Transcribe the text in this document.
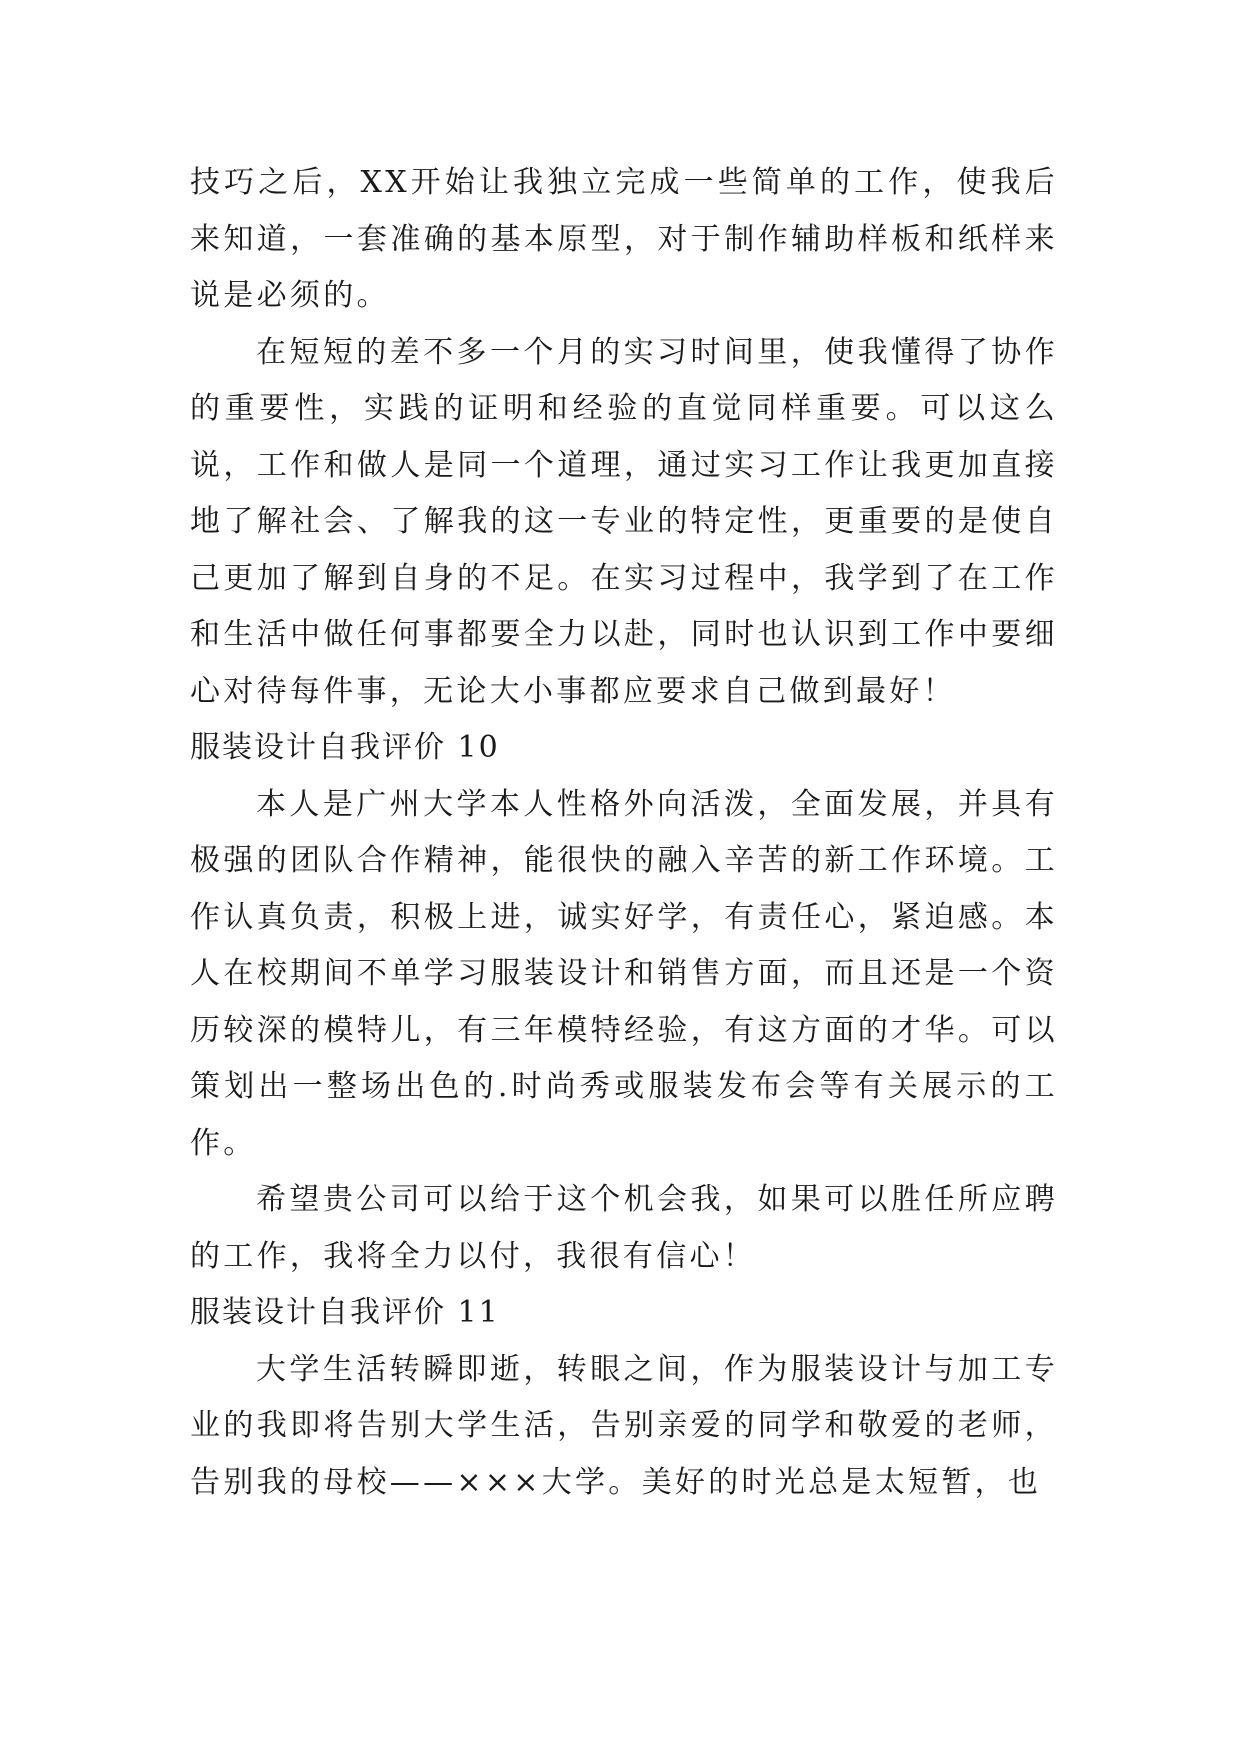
技巧之后，XX开始让我独立完成一些简单的工作，使我后来知道，一套准确的基本原型，对于制作辅助样板和纸样来说是必须的。

在短短的差不多一个月的实习时间里，使我懂得了协作的重要性，实践的证明和经验的直觉同样重要。可以这么说，工作和做人是同一个道理，通过实习工作让我更加直接地了解社会、了解我的这一专业的特定性，更重要的是使自己更加了解到自身的不足。在实习过程中，我学到了在工作和生活中做任何事都要全力以赴，同时也认识到工作中要细心对待每件事，无论大小事都应要求自己做到最好！

服装设计自我评价 10

本人是广州大学本人性格外向活泼，全面发展，并具有极强的团队合作精神，能很快的融入辛苦的新工作环境。工作认真负责，积极上进，诚实好学，有责任心，紧迫感。本人在校期间不单学习服装设计和销售方面，而且还是一个资历较深的模特儿，有三年模特经验，有这方面的才华。可以策划出一整场出色的.时尚秀或服装发布会等有关展示的工作。

希望贵公司可以给于这个机会我，如果可以胜任所应聘的工作，我将全力以付，我很有信心！

服装设计自我评价 11

大学生活转瞬即逝，转眼之间，作为服装设计与加工专业的我即将告别大学生活，告别亲爱的同学和敬爱的老师，告别我的母校——×××大学。美好的时光总是太短暂，也
